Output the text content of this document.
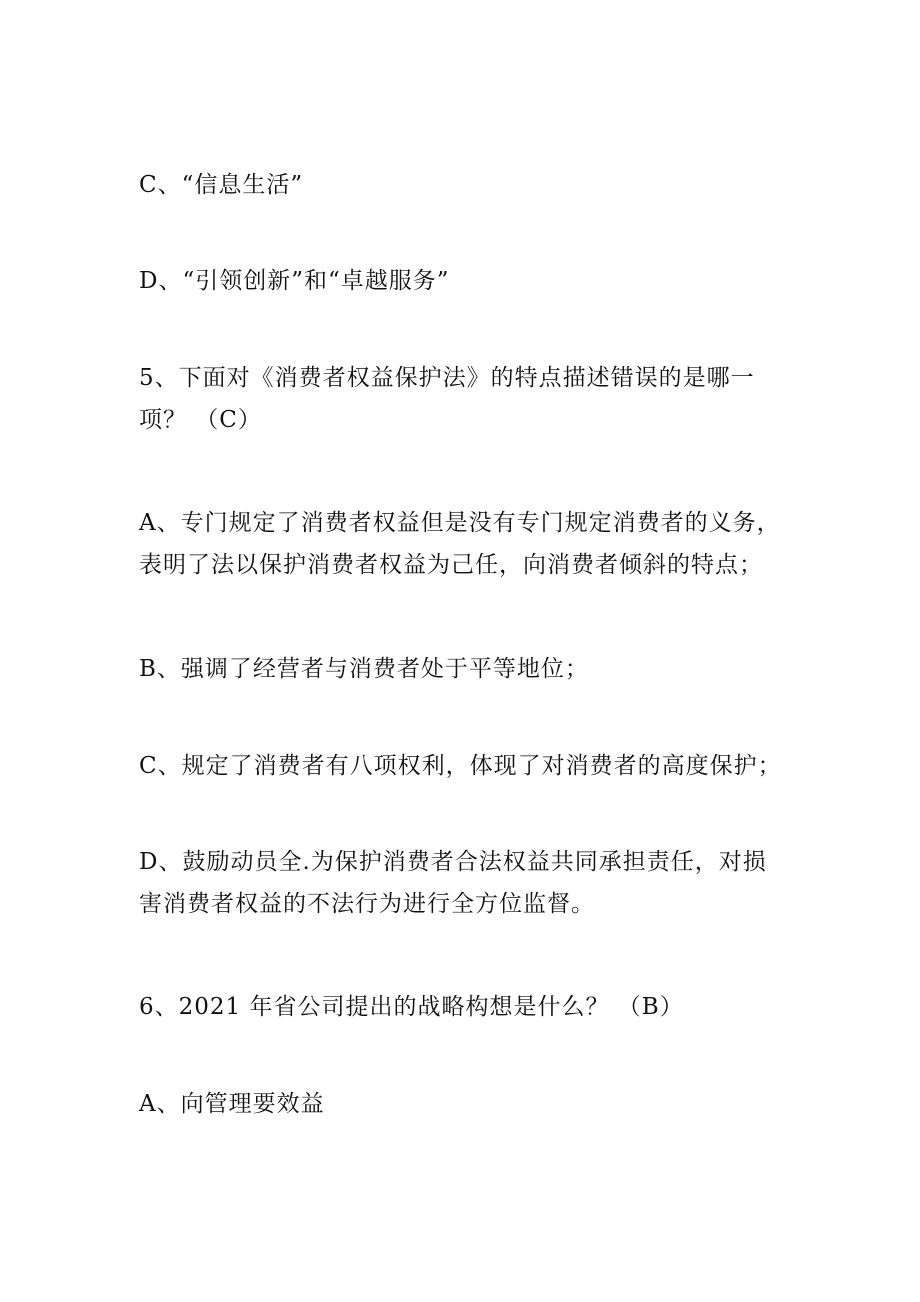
C、“信息生活”
D、“引领创新”和“卓越服务”
5、下面对《消费者权益保护法》的特点描述错误的是哪一
项？ （C）
A、专门规定了消费者权益但是没有专门规定消费者的义务，
表明了法以保护消费者权益为己任，向消费者倾斜的特点；
B、强调了经营者与消费者处于平等地位；
C、规定了消费者有八项权利，体现了对消费者的高度保护；
D、鼓励动员全.为保护消费者合法权益共同承担责任，对损
害消费者权益的不法行为进行全方位监督。
6、2021 年省公司提出的战略构想是什么？ （B）
A、向管理要效益
